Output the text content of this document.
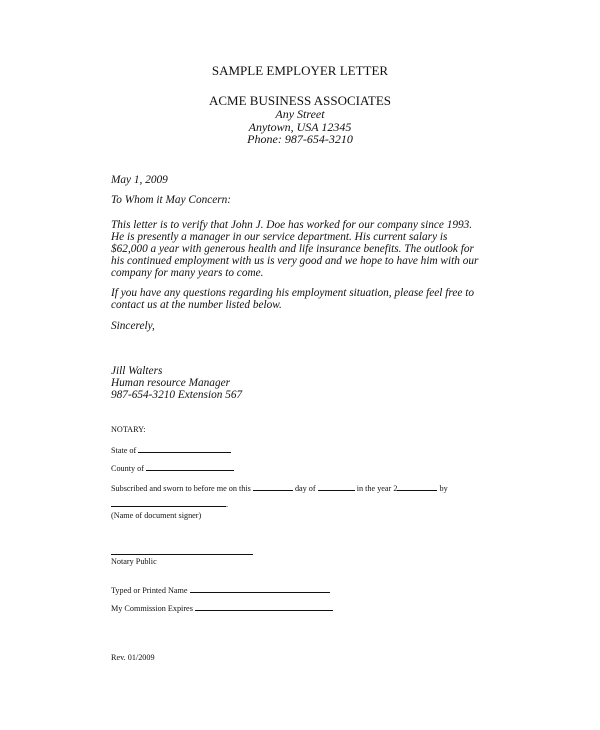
SAMPLE EMPLOYER LETTER
ACME BUSINESS ASSOCIATES
Any Street
Anytown, USA 12345
Phone: 987-654-3210
May 1, 2009
To Whom it May Concern:
This letter is to verify that John J. Doe has worked for our company since 1993.
He is presently a manager in our service department. His current salary is
$62,000 a year with generous health and life insurance benefits. The outlook for
his continued employment with us is very good and we hope to have him with our
company for many years to come.
If you have any questions regarding his employment situation, please feel free to
contact us at the number listed below.
Sincerely,
Jill Walters
Human resource Manager
987-654-3210 Extension 567
NOTARY:
State of
County of
Subscribed and sworn to before me on this	day of	in the year 2	by
.
(Name of document signer)
Notary Public
Typed or Printed Name
My Commission Expires
Rev. 01/2009
